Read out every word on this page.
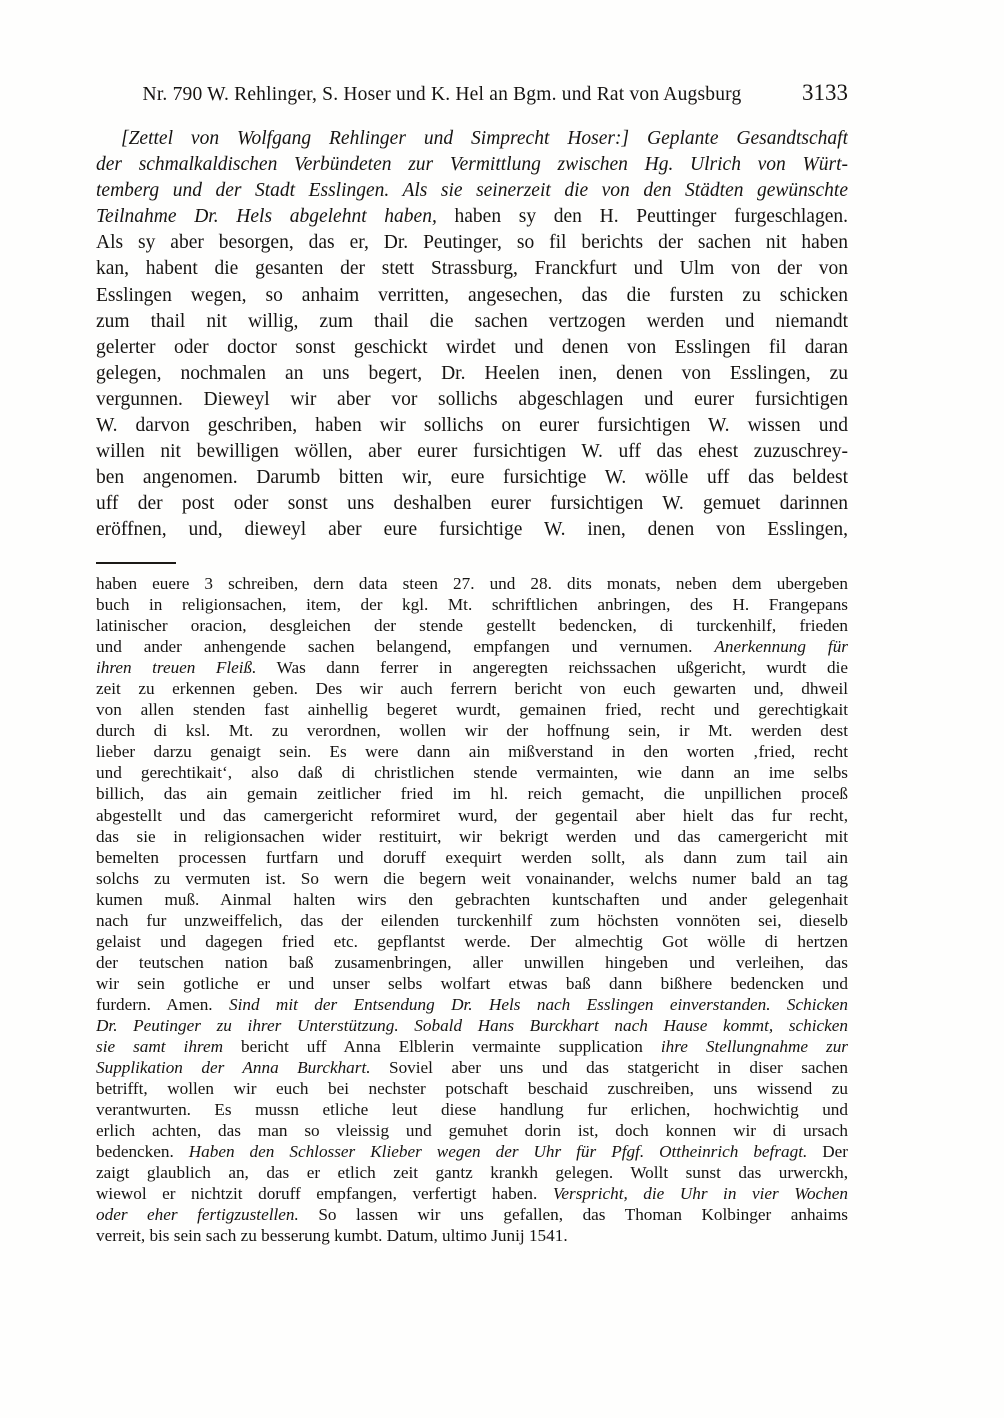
Nr. 790 W. Rehlinger, S. Hoser und K. Hel an Bgm. und Rat von Augsburg	3133
[Zettel von Wolfgang Rehlinger und Simprecht Hoser:] Geplante Gesandtschaft
der schmalkaldischen Verbündeten zur Vermittlung zwischen Hg. Ulrich von Würt-
temberg und der Stadt Esslingen. Als sie seinerzeit die von den Städten gewünschte
Teilnahme Dr. Hels abgelehnt haben, haben sy den H. Peuttinger furgeschlagen.
Als sy aber besorgen, das er, Dr. Peutinger, so fil berichts der sachen nit haben
kan, habent die gesanten der stett Strassburg, Franckfurt und Ulm von der von
Esslingen wegen, so anhaim verritten, angesechen, das die fursten zu schicken
zum thail nit willig, zum thail die sachen vertzogen werden und niemandt
gelerter oder doctor sonst geschickt wirdet und denen von Esslingen fil daran
gelegen, nochmalen an uns begert, Dr. Heelen inen, denen von Esslingen, zu
vergunnen. Dieweyl wir aber vor sollichs abgeschlagen und eurer fursichtigen
W. darvon geschriben, haben wir sollichs on eurer fursichtigen W. wissen und
willen nit bewilligen wöllen, aber eurer fursichtigen W. uff das ehest zuzuschrey-
ben angenomen. Darumb bitten wir, eure fursichtige W. wölle uff das beldest
uff der post oder sonst uns deshalben eurer fursichtigen W. gemuet darinnen
eröffnen, und, dieweyl aber eure fursichtige W. inen, denen von Esslingen,
haben euere 3 schreiben, dern data steen 27. und 28. dits monats, neben dem ubergeben
buch in religionsachen, item, der kgl. Mt. schriftlichen anbringen, des H. Frangepans
latinischer oracion, desgleichen der stende gestellt bedencken, di turckenhilf, frieden
und ander anhengende sachen belangend, empfangen und vernumen. Anerkennung für
ihren treuen Fleiß. Was dann ferrer in angeregten reichssachen ußgericht, wurdt die
zeit zu erkennen geben. Des wir auch ferrern bericht von euch gewarten und, dhweil
von allen stenden fast ainhellig begeret wurdt, gemainen fried, recht und gerechtigkait
durch di ksl. Mt. zu verordnen, wollen wir der hoffnung sein, ir Mt. werden dest
lieber darzu genaigt sein. Es were dann ain mißverstand in den worten ‚fried, recht
und gerechtikait‘, also daß di christlichen stende vermainten, wie dann an ime selbs
billich, das ain gemain zeitlicher fried im hl. reich gemacht, die unpillichen proceß
abgestellt und das camergericht reformiret wurd, der gegentail aber hielt das fur recht,
das sie in religionsachen wider restituirt, wir bekrigt werden und das camergericht mit
bemelten processen furtfarn und doruff exequirt werden sollt, als dann zum tail ain
solchs zu vermuten ist. So wern die begern weit vonainander, welchs numer bald an tag
kumen muß. Ainmal halten wirs den gebrachten kuntschaften und ander gelegenhait
nach fur unzweiffelich, das der eilenden turckenhilf zum höchsten vonnöten sei, dieselb
gelaist und dagegen fried etc. gepflantst werde. Der almechtig Got wölle di hertzen
der teutschen nation baß zusamenbringen, aller unwillen hingeben und verleihen, das
wir sein gotliche er und unser selbs wolfart etwas baß dann bißhere bedencken und
furdern. Amen. Sind mit der Entsendung Dr. Hels nach Esslingen einverstanden. Schicken
Dr. Peutinger zu ihrer Unterstützung. Sobald Hans Burckhart nach Hause kommt, schicken
sie samt ihrem bericht uff Anna Elblerin vermainte supplication ihre Stellungnahme zur
Supplikation der Anna Burckhart. Soviel aber uns und das statgericht in diser sachen
betrifft, wollen wir euch bei nechster potschaft beschaid zuschreiben, uns wissend zu
verantwurten. Es mussn etliche leut diese handlung fur erlichen, hochwichtig und
erlich achten, das man so vleissig und gemuhet dorin ist, doch konnen wir di ursach
bedencken. Haben den Schlosser Klieber wegen der Uhr für Pfgf. Ottheinrich befragt. Der
zaigt glaublich an, das er etlich zeit gantz krankh gelegen. Wollt sunst das urwerckh,
wiewol er nichtzit doruff empfangen, verfertigt haben. Verspricht, die Uhr in vier Wochen
oder eher fertigzustellen. So lassen wir uns gefallen, das Thoman Kolbinger anhaims
verreit, bis sein sach zu besserung kumbt. Datum, ultimo Junij 1541.
